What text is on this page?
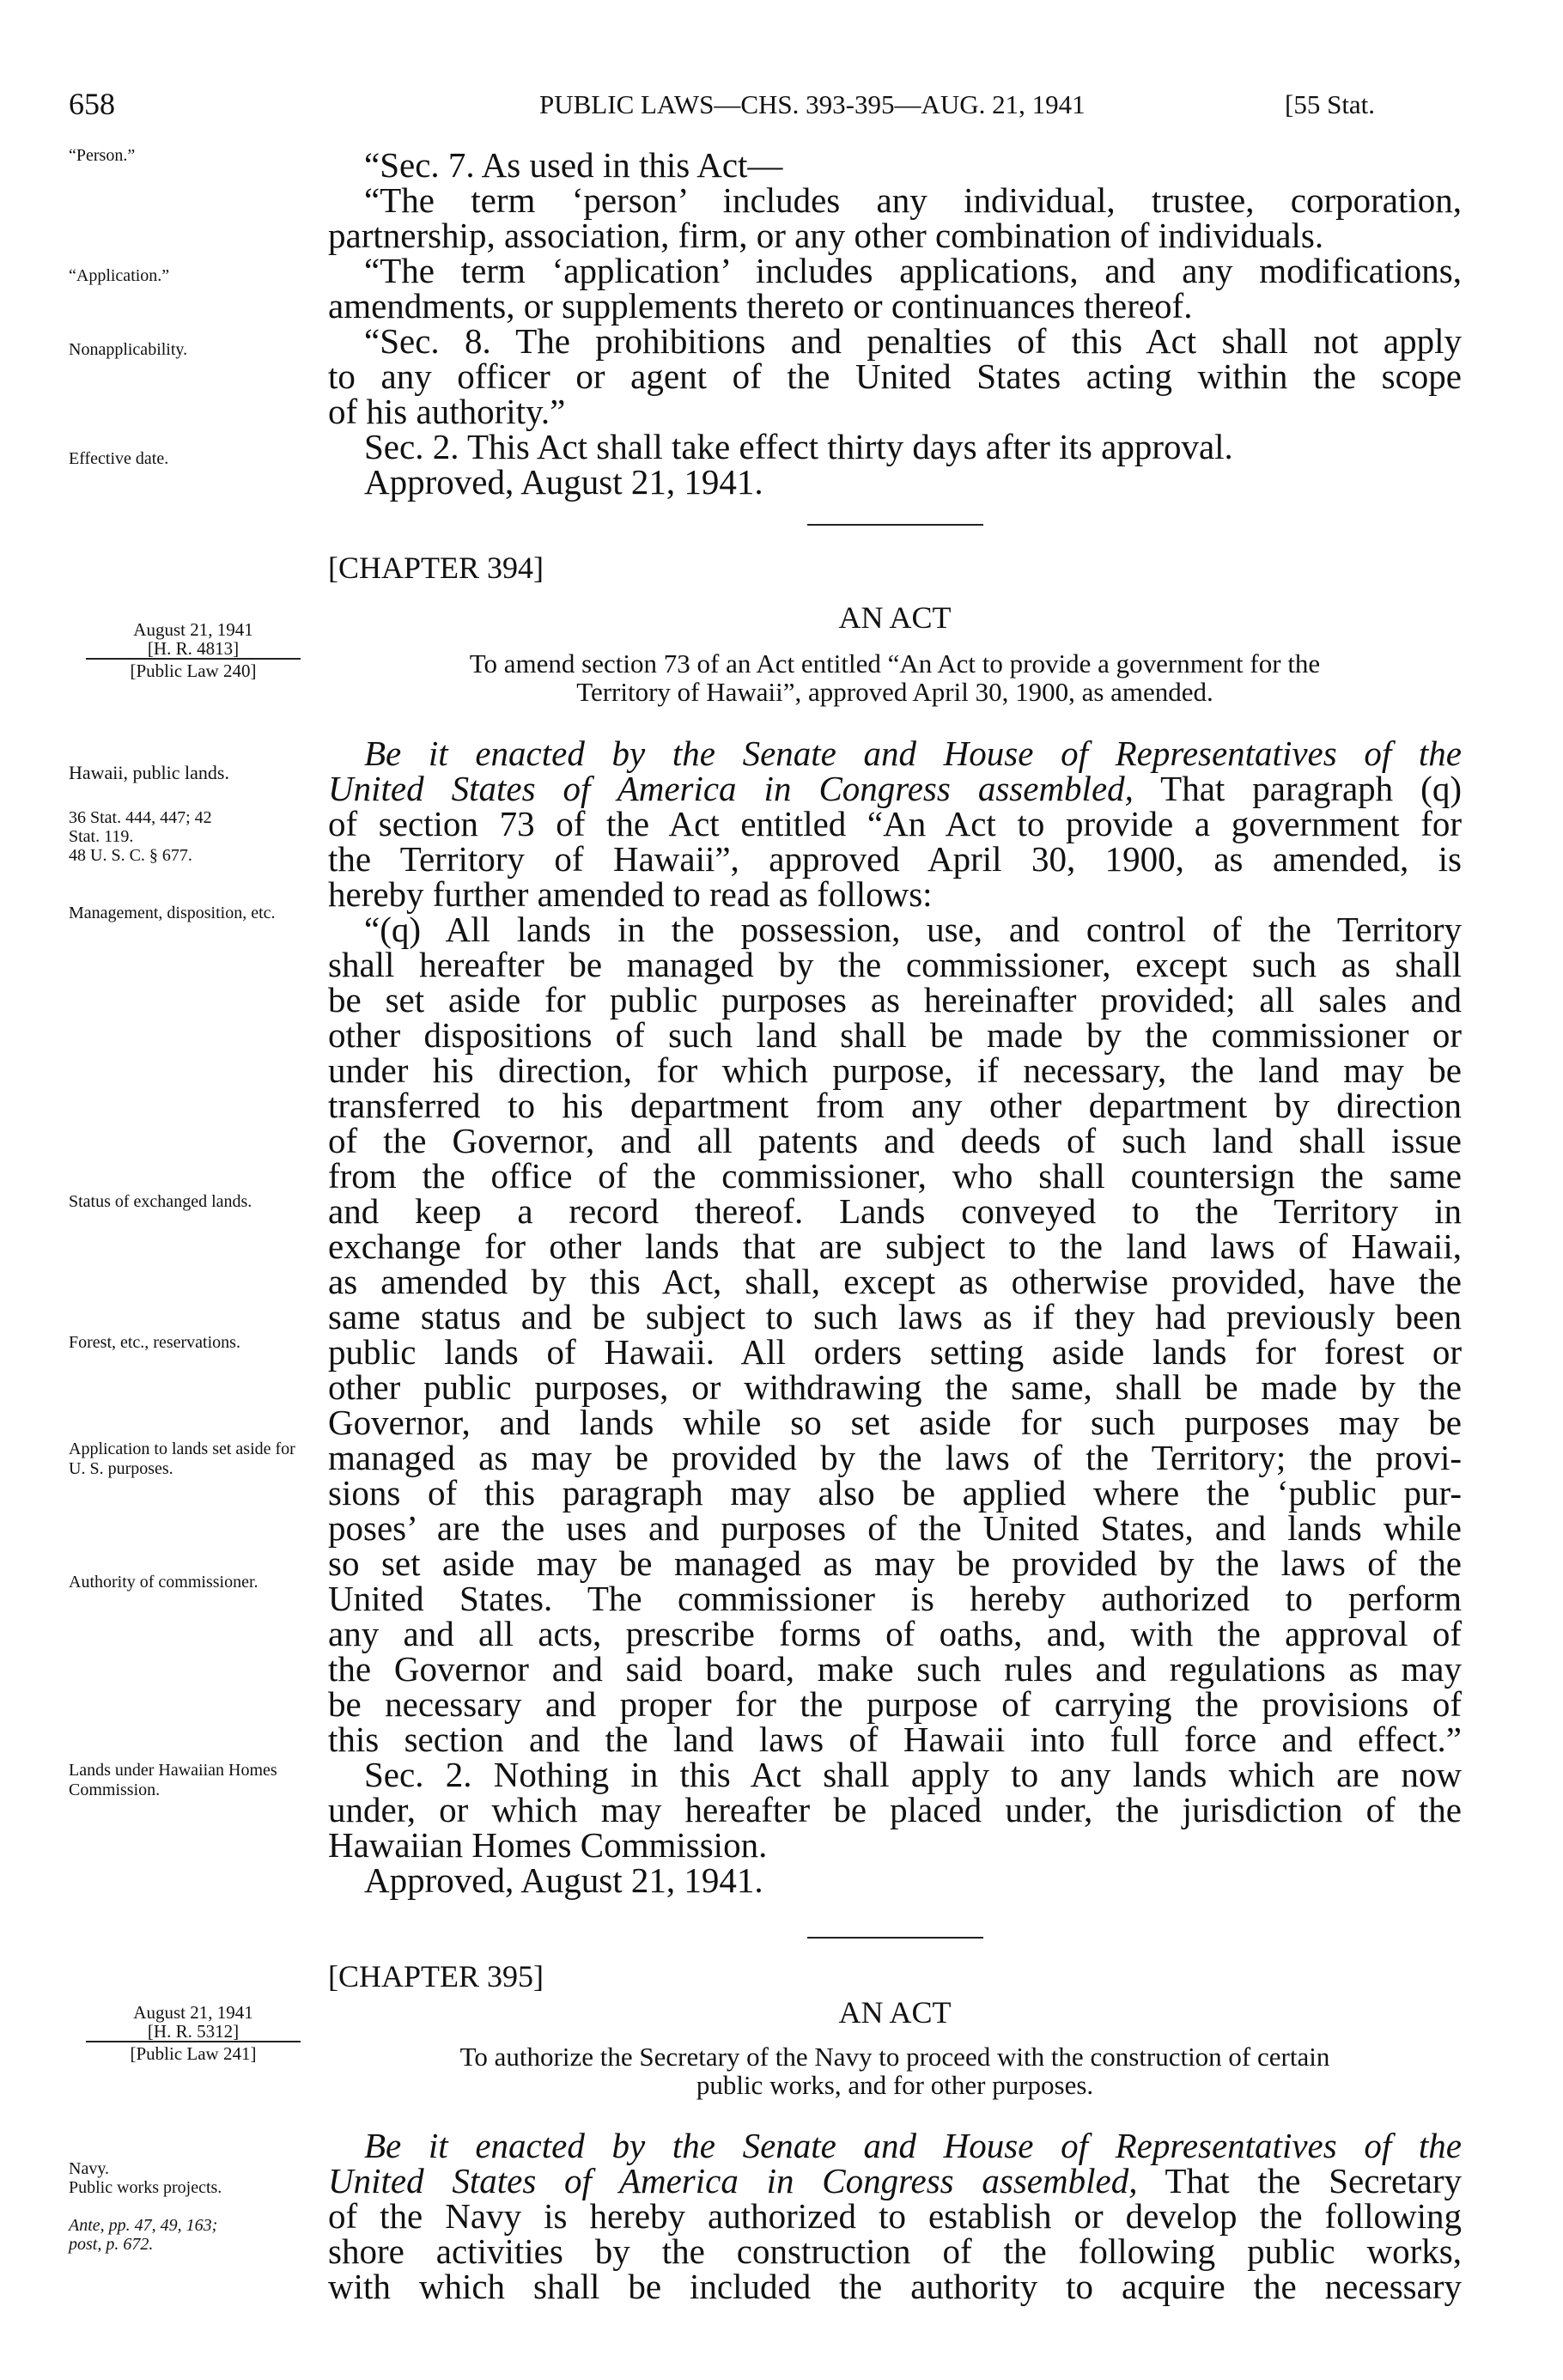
658	PUBLIC LAWS—CHS. 393-395—AUG. 21, 1941	[55 Stat.
“Person.”
“Application.”
Nonapplicability.
Effective date.
“Sec. 7. As used in this Act—
“The term ‘person’ includes any individual, trustee, corporation,
partnership, association, firm, or any other combination of individuals.
“The term ‘application’ includes applications, and any modifications,
amendments, or supplements thereto or continuances thereof.
“Sec. 8. The prohibitions and penalties of this Act shall not apply
to any officer or agent of the United States acting within the scope
of his authority.”
Sec. 2. This Act shall take effect thirty days after its approval.
Approved, August 21, 1941.
[CHAPTER 394]
AN ACT
To amend section 73 of an Act entitled “An Act to provide a government for the
Territory of Hawaii”, approved April 30, 1900, as amended.
August 21, 1941
[H. R. 4813]
[Public Law 240]
Hawaii, public lands.
36 Stat. 444, 447; 42
Stat. 119.
48 U. S. C. § 677.
Management, disposition, etc.
Status of exchanged lands.
Forest, etc., reservations.
Application to lands set aside for U. S. purposes.
Authority of commissioner.
Lands under Hawaiian Homes Commission.
Be it enacted by the Senate and House of Representatives of the
United States of America in Congress assembled, That paragraph (q)
of section 73 of the Act entitled “An Act to provide a government for
the Territory of Hawaii”, approved April 30, 1900, as amended, is
hereby further amended to read as follows:
“(q) All lands in the possession, use, and control of the Territory
shall hereafter be managed by the commissioner, except such as shall
be set aside for public purposes as hereinafter provided; all sales and
other dispositions of such land shall be made by the commissioner or
under his direction, for which purpose, if necessary, the land may be
transferred to his department from any other department by direction
of the Governor, and all patents and deeds of such land shall issue
from the office of the commissioner, who shall countersign the same
and keep a record thereof. Lands conveyed to the Territory in
exchange for other lands that are subject to the land laws of Hawaii,
as amended by this Act, shall, except as otherwise provided, have the
same status and be subject to such laws as if they had previously been
public lands of Hawaii. All orders setting aside lands for forest or
other public purposes, or withdrawing the same, shall be made by the
Governor, and lands while so set aside for such purposes may be
managed as may be provided by the laws of the Territory; the provi-
sions of this paragraph may also be applied where the ‘public pur-
poses’ are the uses and purposes of the United States, and lands while
so set aside may be managed as may be provided by the laws of the
United States. The commissioner is hereby authorized to perform
any and all acts, prescribe forms of oaths, and, with the approval of
the Governor and said board, make such rules and regulations as may
be necessary and proper for the purpose of carrying the provisions of
this section and the land laws of Hawaii into full force and effect.”
Sec. 2. Nothing in this Act shall apply to any lands which are now
under, or which may hereafter be placed under, the jurisdiction of the
Hawaiian Homes Commission.
Approved, August 21, 1941.
[CHAPTER 395]
AN ACT
To authorize the Secretary of the Navy to proceed with the construction of certain
public works, and for other purposes.
August 21, 1941
[H. R. 5312]
[Public Law 241]
Navy.
Public works projects.
Ante, pp. 47, 49, 163;
post, p. 672.
Be it enacted by the Senate and House of Representatives of the
United States of America in Congress assembled, That the Secretary
of the Navy is hereby authorized to establish or develop the following
shore activities by the construction of the following public works,
with which shall be included the authority to acquire the necessary
